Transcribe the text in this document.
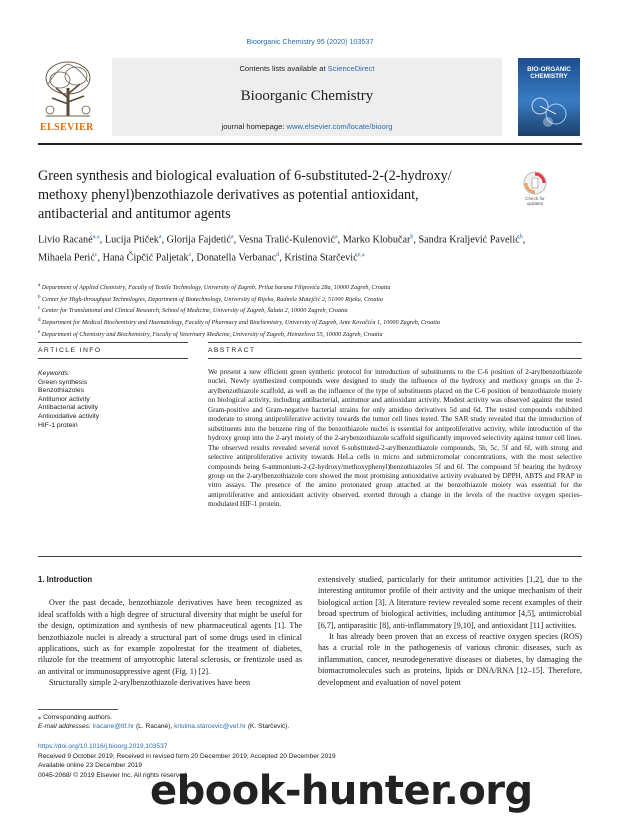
Bioorganic Chemistry 95 (2020) 103537
ELSEVIER
Contents lists available at ScienceDirect
Bioorganic Chemistry
journal homepage: www.elsevier.com/locate/bioorg
BIO-ORGANIC CHEMISTRY
Green synthesis and biological evaluation of 6-substituted-2-(2-hydroxy/ methoxy phenyl)benzothiazole derivatives as potential antioxidant, antibacterial and antitumor agents
Check for updates
Livio Racané$^{a,⁎}$, Lucija Ptiček$^a$, Glorija Fajdetić$^a$, Vesna Tralić-Kulenović$^a$, Marko Klobučar$^b$, Sandra Kraljević Pavelić$^b$, Mihaela Perić$^c$, Hana Čipčić Paljetak$^c$, Donatella Verbanac$^d$, Kristina Starčević$^{e,⁎}$
$^a$ Department of Applied Chemistry, Faculty of Textile Technology, University of Zagreb, Prilaz baruna Filipovića 28a, 10000 Zagreb, Croatia
$^b$ Center for High-throughput Technologies, Department of Biotechnology, University of Rijeka, Radmile Matejčić 2, 51000 Rijeka, Croatia
$^c$ Center for Translational and Clinical Research, School of Medicine, University of Zagreb, Šalata 2, 10000 Zagreb, Croatia
$^d$ Department for Medical Biochemistry and Haematology, Faculty of Pharmacy and Biochemistry, University of Zagreb, Ante Kovačića 1, 10000 Zagreb, Croatia
$^e$ Department of Chemistry and Biochemistry, Faculty of Veterinary Medicine, University of Zagreb, Heinzelova 55, 10000 Zagreb, Croatia
ARTICLE INFO	ABSTRACT
Keywords:
Green synthesis
Benzothiazoles
Antitumor activity
Antibacterial activity
Antioxidative activity
HIF-1 protein
We present a new efficient green synthetic protocol for introduction of substituents to the C-6 position of 2-arylbenzothiazole nuclei. Newly synthesized compounds were designed to study the influence of the hydroxy and methoxy groups on the 2-arylbenzothiazole scaffold, as well as the influence of the type of substituents placed on the C-6 position of benzothiazole moiety on biological activity, including antibacterial, antitumor and antioxidant activity. Modest activity was observed against the tested Gram-positive and Gram-negative bacterial strains for only amidino derivatives 5d and 6d. The tested compounds exhibited moderate to strong antiproliferative activity towards the tumor cell lines tested. The SAR study revealed that the introduction of substituents into the benzene ring of the benzothiazole nuclei is essential for antiproliferative activity, while introduction of the hydroxy group into the 2-aryl moiety of the 2-arybenzothiazole scaffold significantly improved selectivity against tumor cell lines. The observed results revealed several novel 6-substituted-2-arylbenzothiazole compounds, 5b, 5c, 5f and 6f, with strong and selective antiproliferative activity towards HeLa cells in micro and submicromolar concentrations, with the most selective compounds being 6-ammonium-2-(2-hydroxy/methoxyphenyl)benzothiazoles 5f and 6f. The compound 5f bearing the hydroxy group on the 2-arylbenzothiazole core showed the most promising antioxidative activity evaluated by DPPH, ABTS and FRAP in vitro assays. The presence of the amino protonated group attached at the benzothiazole moiety was essential for the antiproliferative and antioxidant activity observed, exerted through a change in the levels of the reactive oxygen species-modulated HIF-1 protein.
1. Introduction

Over the past decade, benzothiazole derivatives have been recognized as ideal scaffolds with a high degree of structural diversity that might be useful for the design, optimization and synthesis of new pharmaceutical agents [1]. The benzothiazole nuclei is already a structural part of some drugs used in clinical applications, such as for example zopolrestat for the treatment of diabetes, riluzole for the treatment of amyotrophic lateral sclerosis, or frentizole used as an antiviral or immunosuppressive agent (Fig. 1) [2].

Structurally simple 2-arylbenzothiazole derivatives have been

extensively studied, particularly for their antitumor activities [1,2], due to the interesting antitumor profile of their activity and the unique mechanism of their biological action [3]. A literature review revealed some recent examples of their broad spectrum of biological activities, including antitumor [4,5], antimicrobial [6,7], antiparasitic [8], anti-inflammatory [9,10], and antioxidant [11] activities.

It has already been proven that an excess of reactive oxygen species (ROS) has a crucial role in the pathogenesis of various chronic diseases, such as inflammation, cancer, neurodegenerative diseases or diabetes, by damaging the biomacromolecules such as proteins, lipids or DNA/RNA [12–15]. Therefore, development and evaluation of novel potent

⁎ Corresponding authors.
E-mail addresses: lracane@ttf.hr (L. Racané), kristina.starcevic@vef.hr (K. Starčević).
https://doi.org/10.1016/j.bioorg.2019.103537
Received 9 October 2019; Received in revised form 20 December 2019; Accepted 20 December 2019
Available online 23 December 2019
0045-2068/ © 2019 Elsevier Inc. All rights reserved.
ebook-hunter.org
